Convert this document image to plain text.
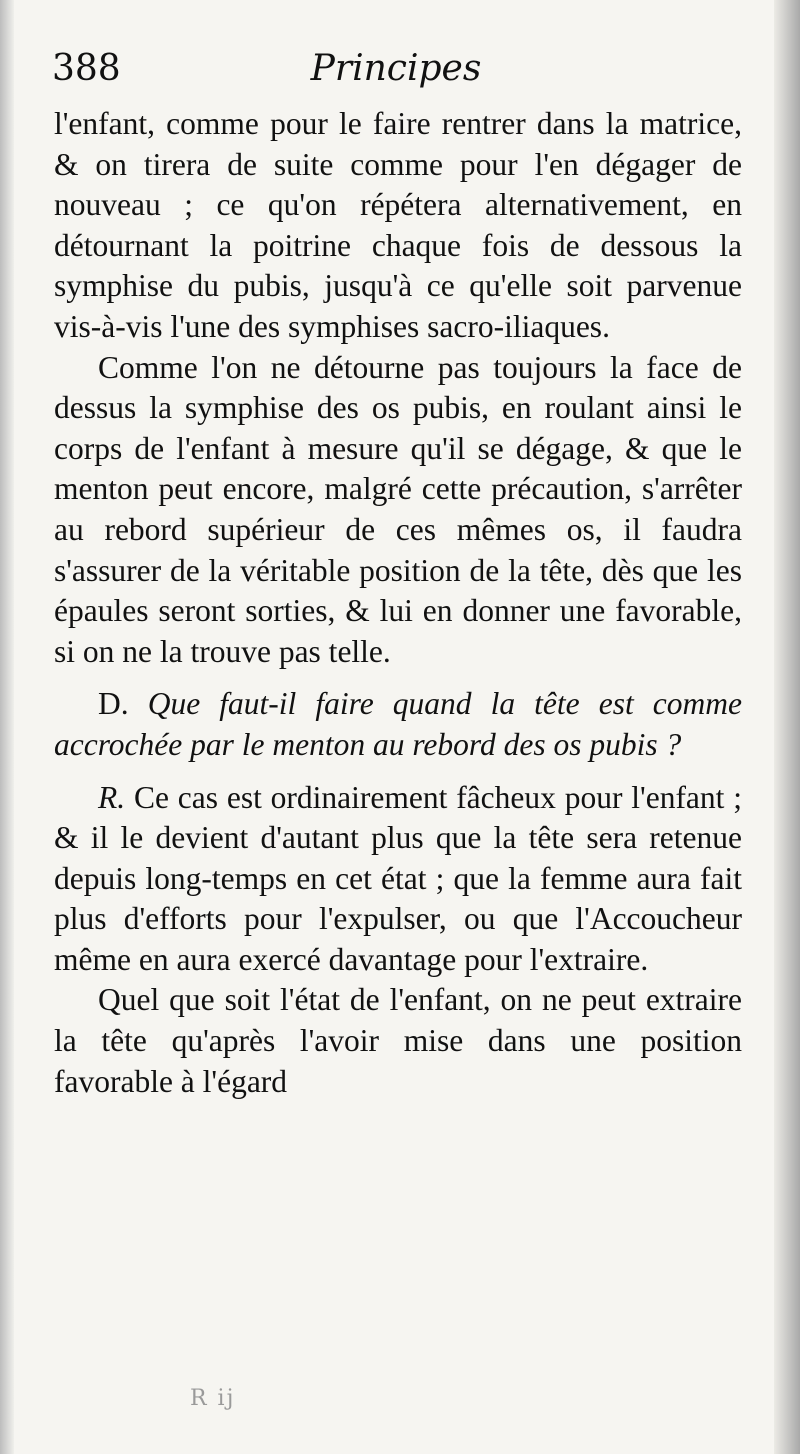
388	Principes

l'enfant, comme pour le faire rentrer dans la matrice, & on tirera de suite comme pour l'en dégager de nouveau ; ce qu'on répétera alternativement, en détournant la poitrine chaque fois de dessous la symphise du pubis, jusqu'à ce qu'elle soit parvenue vis-à-vis l'une des symphises sacro-iliaques.

Comme l'on ne détourne pas toujours la face de dessus la symphise des os pubis, en roulant ainsi le corps de l'enfant à mesure qu'il se dégage, & que le menton peut encore, malgré cette précaution, s'arrêter au rebord supérieur de ces mêmes os, il faudra s'assurer de la véritable position de la tête, dès que les épaules seront sorties, & lui en donner une favorable, si on ne la trouve pas telle.

D. Que faut-il faire quand la tête est comme accrochée par le menton au rebord des os pubis ?

R. Ce cas est ordinairement fâcheux pour l'enfant ; & il le devient d'autant plus que la tête sera retenue depuis long-temps en cet état ; que la femme aura fait plus d'efforts pour l'expulser, ou que l'Accoucheur même en aura exercé davantage pour l'extraire.

Quel que soit l'état de l'enfant, on ne peut extraire la tête qu'après l'avoir mise dans une position favorable à l'égard

R ij
